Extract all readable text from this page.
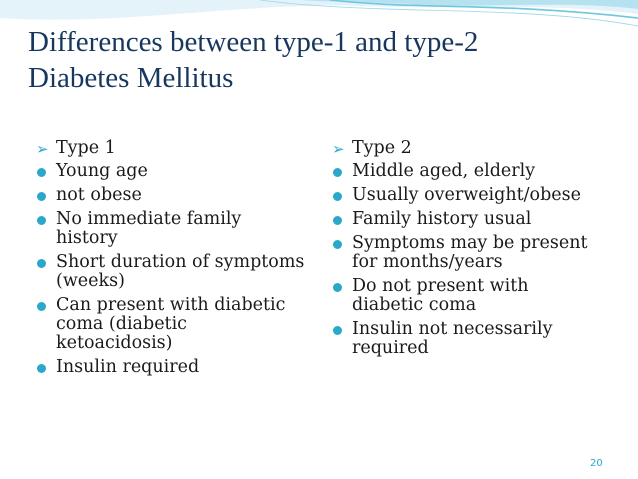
Differences between type-1 and type-2
Diabetes Mellitus
➢ Type 1
Young age
not obese
No immediate family history
Short duration of symptoms (weeks)
Can present with diabetic coma (diabetic ketoacidosis)
Insulin required
➢ Type 2
Middle aged, elderly
Usually overweight/obese
Family history usual
Symptoms may be present for months/years
Do not present with diabetic coma
Insulin not necessarily required
20
